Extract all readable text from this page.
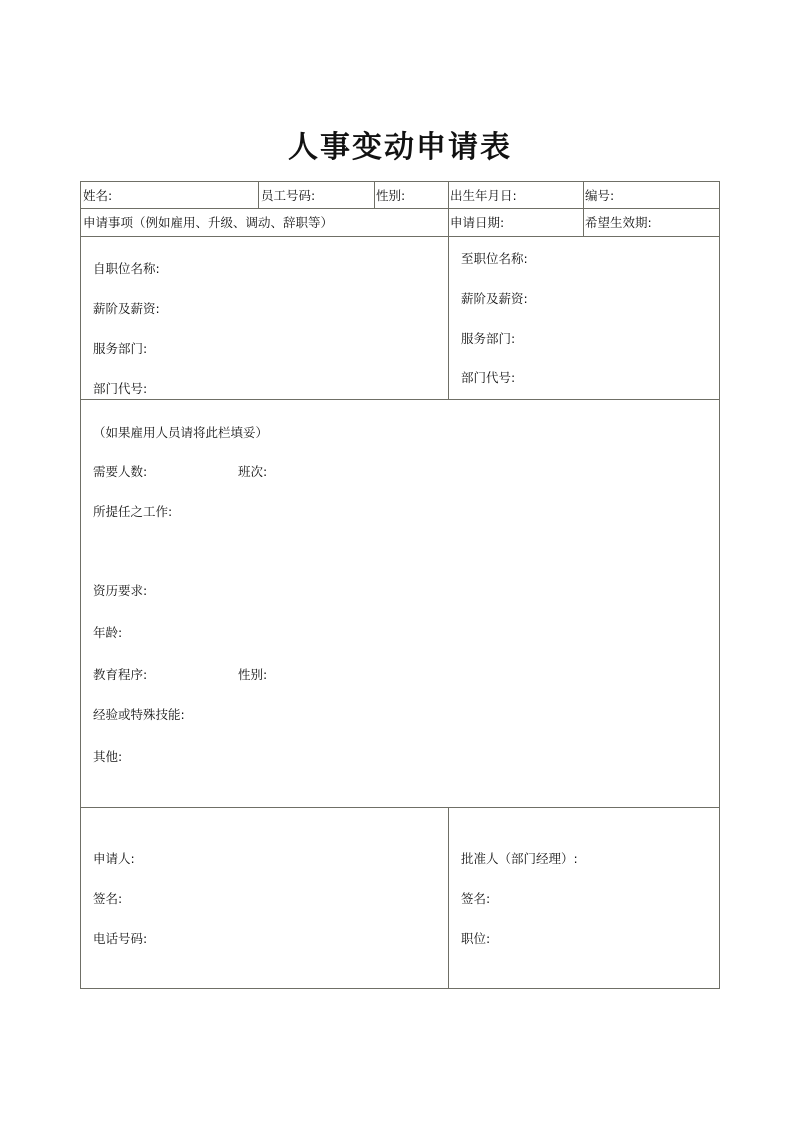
人事变动申请表
姓名:	员工号码:	性别:	出生年月日:	编号:
申请事项（例如雇用、升级、调动、辞职等）	申请日期:	希望生效期:
自职位名称:
薪阶及薪资:
服务部门:
部门代号:
至职位名称:
薪阶及薪资:
服务部门:
部门代号:
（如果雇用人员请将此栏填妥）
需要人数:	班次:
所提任之工作:
资历要求:
年龄:
教育程序:	性别:
经验或特殊技能:
其他:
申请人:
签名:
电话号码:
批准人（部门经理）:
签名:
职位:
